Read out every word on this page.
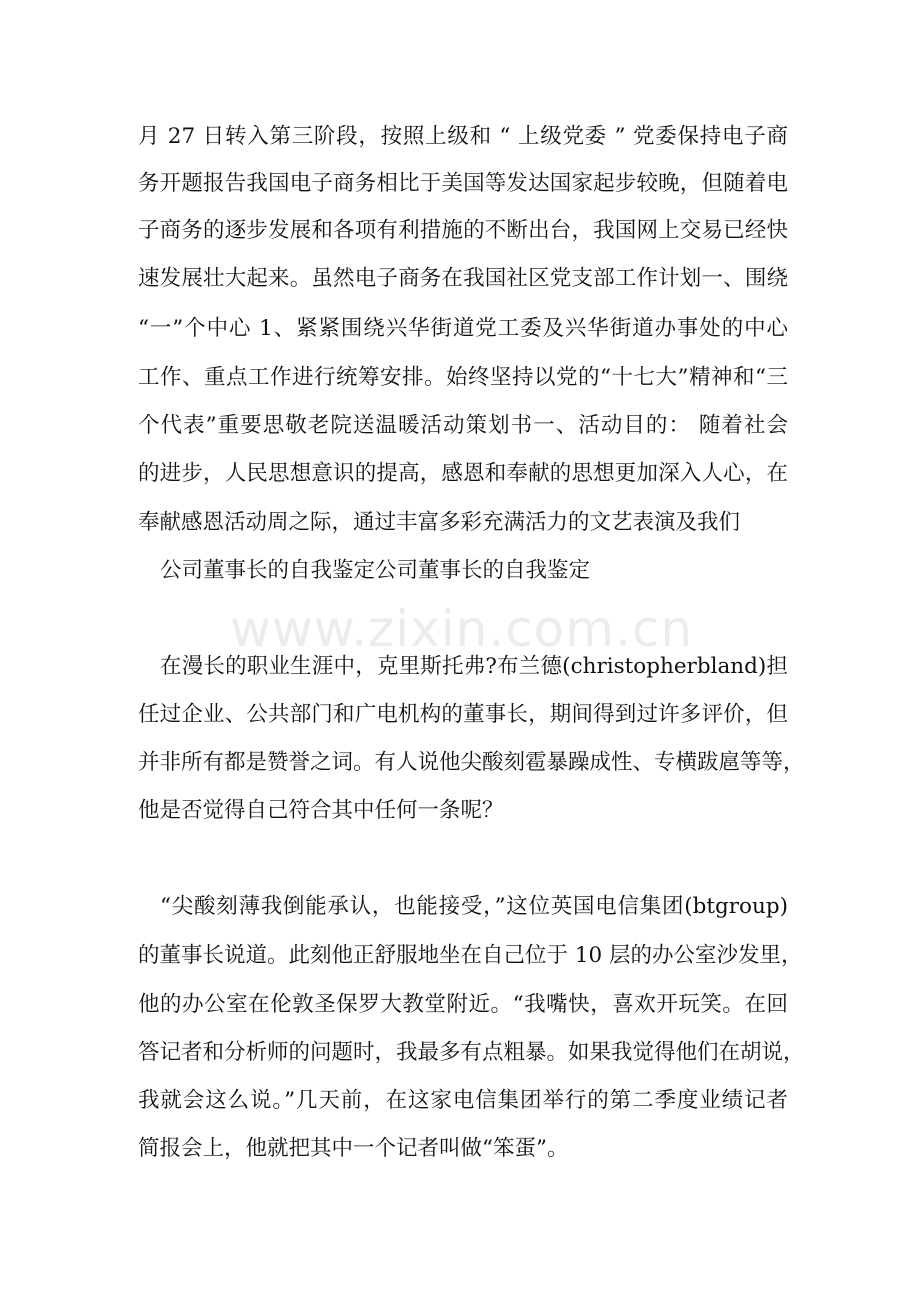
www.zixin.com.cn
月 27 日转入第三阶段，按照上级和 “ 上级党委 ” 党委保持电子商
务开题报告我国电子商务相比于美国等发达国家起步较晚，但随着电
子商务的逐步发展和各项有利措施的不断出台，我国网上交易已经快
速发展壮大起来。虽然电子商务在我国社区党支部工作计划一、围绕
“一”个中心 1、紧紧围绕兴华街道党工委及兴华街道办事处的中心
工作、重点工作进行统筹安排。始终坚持以党的“十七大”精神和“三
个代表”重要思敬老院送温暖活动策划书一、活动目的： 随着社会
的进步，人民思想意识的提高，感恩和奉献的思想更加深入人心，在
奉献感恩活动周之际，通过丰富多彩充满活力的文艺表演及我们
公司董事长的自我鉴定公司董事长的自我鉴定
在漫长的职业生涯中，克里斯托弗?布兰德(christopherbland)担
任过企业、公共部门和广电机构的董事长，期间得到过许多评价，但
并非所有都是赞誉之词。有人说他尖酸刻雹暴躁成性、专横跋扈等等，
他是否觉得自己符合其中任何一条呢？
“尖酸刻薄我倒能承认，也能接受，”这位英国电信集团(btgroup)
的董事长说道。此刻他正舒服地坐在自己位于 10 层的办公室沙发里，
他的办公室在伦敦圣保罗大教堂附近。“我嘴快，喜欢开玩笑。在回
答记者和分析师的问题时，我最多有点粗暴。如果我觉得他们在胡说，
我就会这么说。”几天前，在这家电信集团举行的第二季度业绩记者
简报会上，他就把其中一个记者叫做“笨蛋”。
